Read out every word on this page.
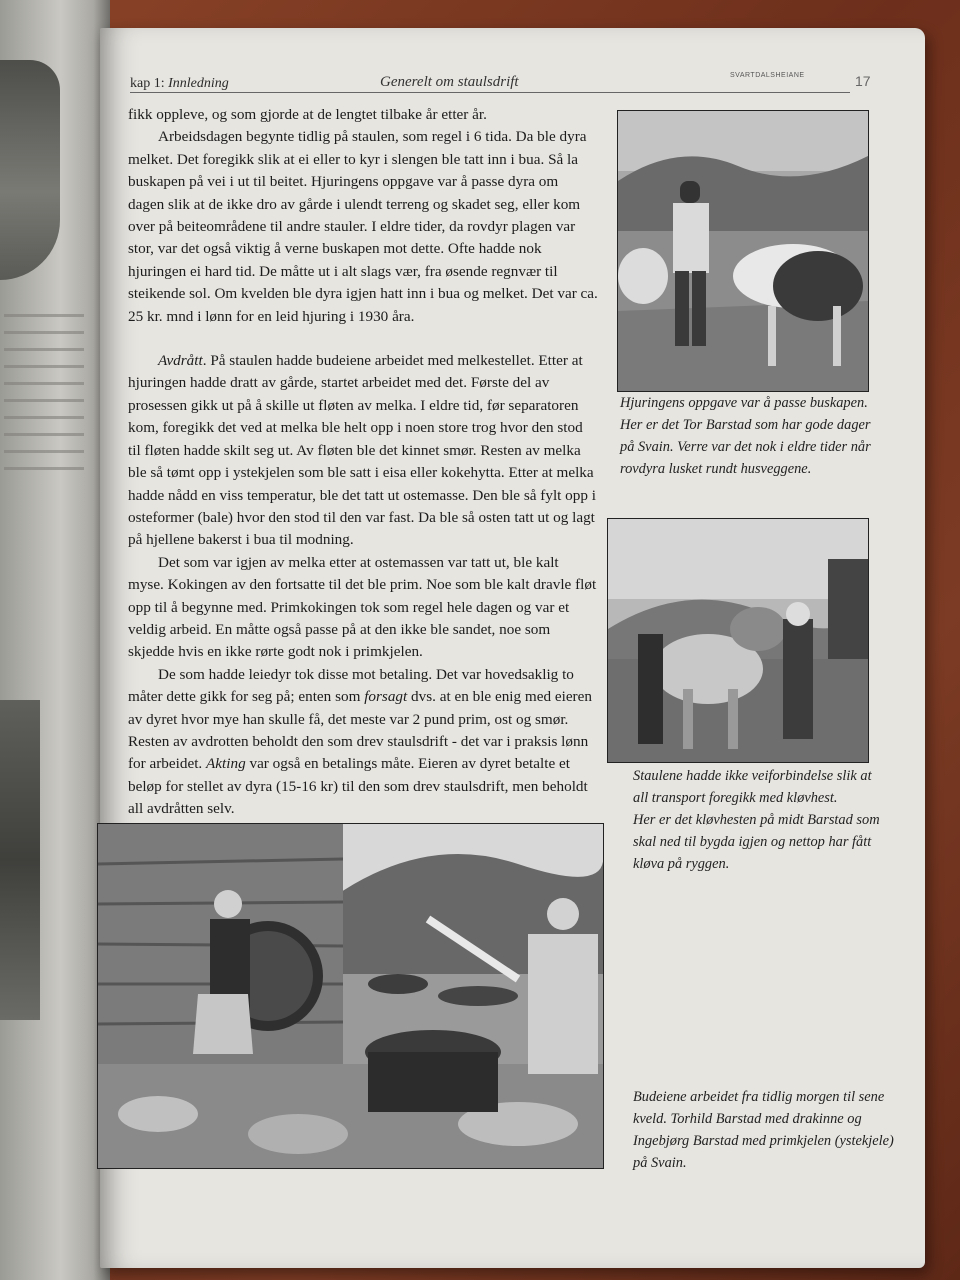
kap 1: Innledning	Generelt om staulsdrift	SVARTDALSHEIANE	17

fikk oppleve, og som gjorde at de lengtet tilbake år etter år.

Arbeidsdagen begynte tidlig på staulen, som regel i 6 tida. Da ble dyra melket. Det foregikk slik at ei eller to kyr i slengen ble tatt inn i bua. Så la buskapen på vei i ut til beitet. Hjuringens oppgave var å passe dyra om dagen slik at de ikke dro av gårde i ulendt terreng og skadet seg, eller kom over på beiteområdene til andre stauler. I eldre tider, da rovdyr plagen var stor, var det også viktig å verne buskapen mot dette. Ofte hadde nok hjuringen ei hard tid. De måtte ut i alt slags vær, fra øsende regnvær til steikende sol. Om kvelden ble dyra igjen hatt inn i bua og melket. Det var ca. 25 kr. mnd i lønn for en leid hjuring i 1930 åra.

Avdrått. På staulen hadde budeiene arbeidet med melkestellet. Etter at hjuringen hadde dratt av gårde, startet arbeidet med det. Første del av prosessen gikk ut på å skille ut fløten av melka. I eldre tid, før separatoren kom, foregikk det ved at melka ble helt opp i noen store trog hvor den stod til fløten hadde skilt seg ut. Av fløten ble det kinnet smør. Resten av melka ble så tømt opp i ystekjelen som ble satt i eisa eller kokehytta. Etter at melka hadde nådd en viss temperatur, ble det tatt ut ostemasse. Den ble så fylt opp i osteformer (bale) hvor den stod til den var fast. Da ble så osten tatt ut og lagt på hjellene bakerst i bua til modning.

Det som var igjen av melka etter at ostemassen var tatt ut, ble kalt myse. Kokingen av den fortsatte til det ble prim. Noe som ble kalt dravle fløt opp til å begynne med. Primkokingen tok som regel hele dagen og var et veldig arbeid. En måtte også passe på at den ikke ble sandet, noe som skjedde hvis en ikke rørte godt nok i primkjelen.

De som hadde leiedyr tok disse mot betaling. Det var hovedsaklig to måter dette gikk for seg på; enten som forsagt dvs. at en ble enig med eieren av dyret hvor mye han skulle få, det meste var 2 pund prim, ost og smør. Resten av avdrotten beholdt den som drev staulsdrift - det var i praksis lønn for arbeidet. Akting var også en betalings måte. Eieren av dyret betalte et beløp for stellet av dyra (15-16 kr) til den som drev staulsdrift, men beholdt all avdråtten selv.

Hjuringens oppgave var å passe buskapen. Her er det Tor Barstad som har gode dager på Svain. Verre var det nok i eldre tider når rovdyra lusket rundt husveggene.
Staulene hadde ikke veiforbindelse slik at all transport foregikk med kløvhest.
Her er det kløvhesten på midt Barstad som skal ned til bygda igjen og nettop har fått kløva på ryggen.
Budeiene arbeidet fra tidlig morgen til sene kveld. Torhild Barstad med drakinne og Ingebjørg Barstad med primkjelen (ystekjele) på Svain.
